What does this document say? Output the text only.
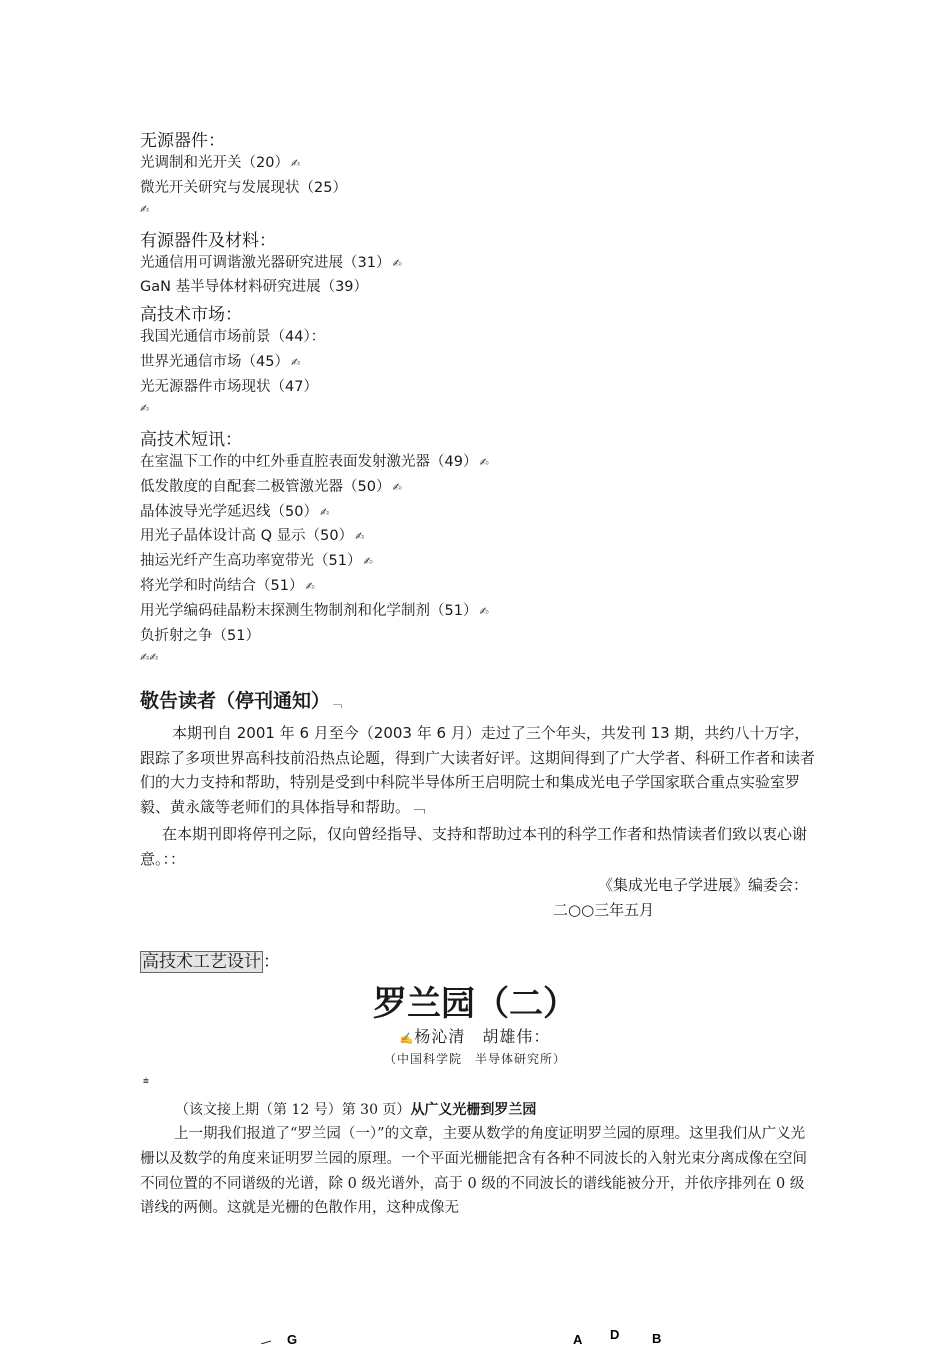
无源器件：
光调制和光开关（20） ✍
微光开关研究与发展现状（25）
✍
有源器件及材料：
光通信用可调谐激光器研究进展（31） ✍
GaN 基半导体材料研究进展（39）
高技术市场：
我国光通信市场前景（44）：
世界光通信市场（45） ✍
光无源器件市场现状（47）
✍
高技术短讯：
在室温下工作的中红外垂直腔表面发射激光器（49） ✍
低发散度的自配套二极管激光器（50） ✍
晶体波导光学延迟线（50） ✍
用光子晶体设计高 Q 显示（50） ✍
抽运光纤产生高功率宽带光（51） ✍
将光学和时尚结合（51） ✍
用光学编码硅晶粉末探测生物制剂和化学制剂（51） ✍
负折射之争（51）
✍✍
敬告读者（停刊通知）﹁
本期刊自 2001 年 6 月至今（2003 年 6 月）走过了三个年头，共发刊 13 期，共约八十万字，跟踪了多项世界高科技前沿热点论题，得到广大读者好评。这期间得到了广大学者、科研工作者和读者们的大力支持和帮助，特别是受到中科院半导体所王启明院士和集成光电子学国家联合重点实验室罗毅、黄永箴等老师们的具体指导和帮助。﹁
在本期刊即将停刊之际，仅向曾经指导、支持和帮助过本刊的科学工作者和热情读者们致以衷心谢意。：：
《集成光电子学进展》编委会：
二○○三年五月
高技术工艺设计 ：
罗兰园（二）
✍杨沁清　胡雄伟：
（中国科学院　半导体研究所）
⩧
（该文接上期（第 12 号）第 30 页）从广义光栅到罗兰园
上一期我们报道了“罗兰园（一）”的文章，主要从数学的角度证明罗兰园的原理。这里我们从广义光栅以及数学的角度来证明罗兰园的原理。一个平面光栅能把含有各种不同波长的入射光束分离成像在空间不同位置的不同谱级的光谱，除 0 级光谱外，高于 0 级的不同波长的谱线能被分开，并依序排列在 0 级谱线的两侧。这就是光栅的色散作用，这种成像无
G	A D	B
